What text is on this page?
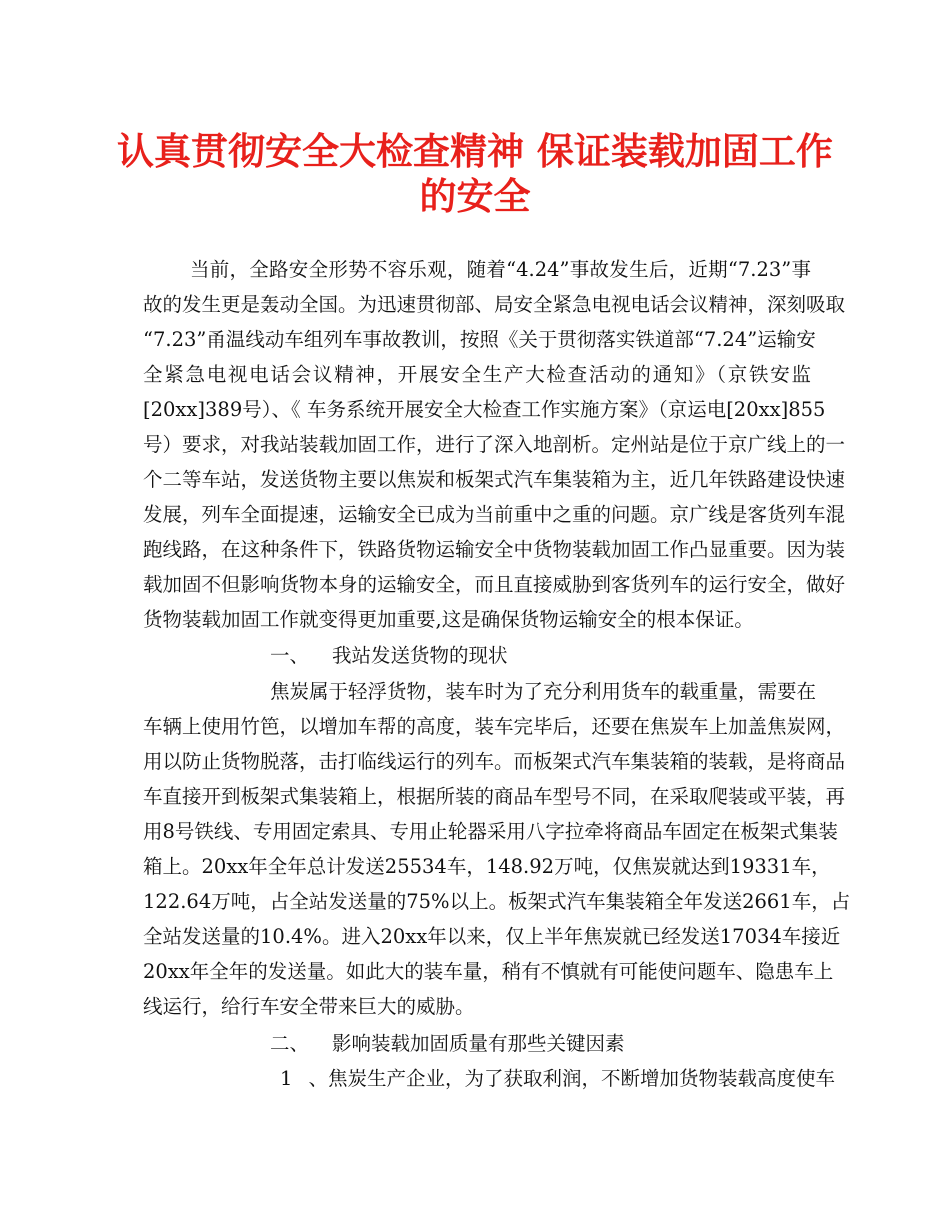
认真贯彻安全大检查精神 保证装载加固工作
的安全

当前，全路安全形势不容乐观，随着“4.24”事故发生后，近期“7.23”事

故的发生更是轰动全国。为迅速贯彻部、局安全紧急电视电话会议精神，深刻吸取

“7.23”甬温线动车组列车事故教训，按照《关于贯彻落实铁道部“7.24”运输安

全紧急电视电话会议精神，开展安全生产大检查活动的通知》（京铁安监

[20xx]389号）、《 车务系统开展安全大检查工作实施方案》（京运电[20xx]855

号）要求，对我站装载加固工作，进行了深入地剖析。定州站是位于京广线上的一

个二等车站，发送货物主要以焦炭和板架式汽车集装箱为主，近几年铁路建设快速

发展，列车全面提速，运输安全已成为当前重中之重的问题。京广线是客货列车混

跑线路，在这种条件下，铁路货物运输安全中货物装载加固工作凸显重要。因为装

载加固不但影响货物本身的运输安全，而且直接威胁到客货列车的运行安全，做好

货物装载加固工作就变得更加重要,这是确保货物运输安全的根本保证。

一、 我站发送货物的现状

焦炭属于轻浮货物，装车时为了充分利用货车的载重量，需要在

车辆上使用竹笆，以增加车帮的高度，装车完毕后，还要在焦炭车上加盖焦炭网，

用以防止货物脱落，击打临线运行的列车。而板架式汽车集装箱的装载，是将商品

车直接开到板架式集装箱上，根据所装的商品车型号不同，在采取爬装或平装，再

用8号铁线、专用固定索具、专用止轮器采用八字拉牵将商品车固定在板架式集装

箱上。20xx年全年总计发送25534车，148.92万吨，仅焦炭就达到19331车，

122.64万吨，占全站发送量的75%以上。板架式汽车集装箱全年发送2661车，占

全站发送量的10.4%。进入20xx年以来，仅上半年焦炭就已经发送17034车接近

20xx年全年的发送量。如此大的装车量，稍有不慎就有可能使问题车、隐患车上

线运行，给行车安全带来巨大的威胁。

二、 影响装载加固质量有那些关键因素

1、焦炭生产企业，为了获取利润，不断增加货物装载高度使车
